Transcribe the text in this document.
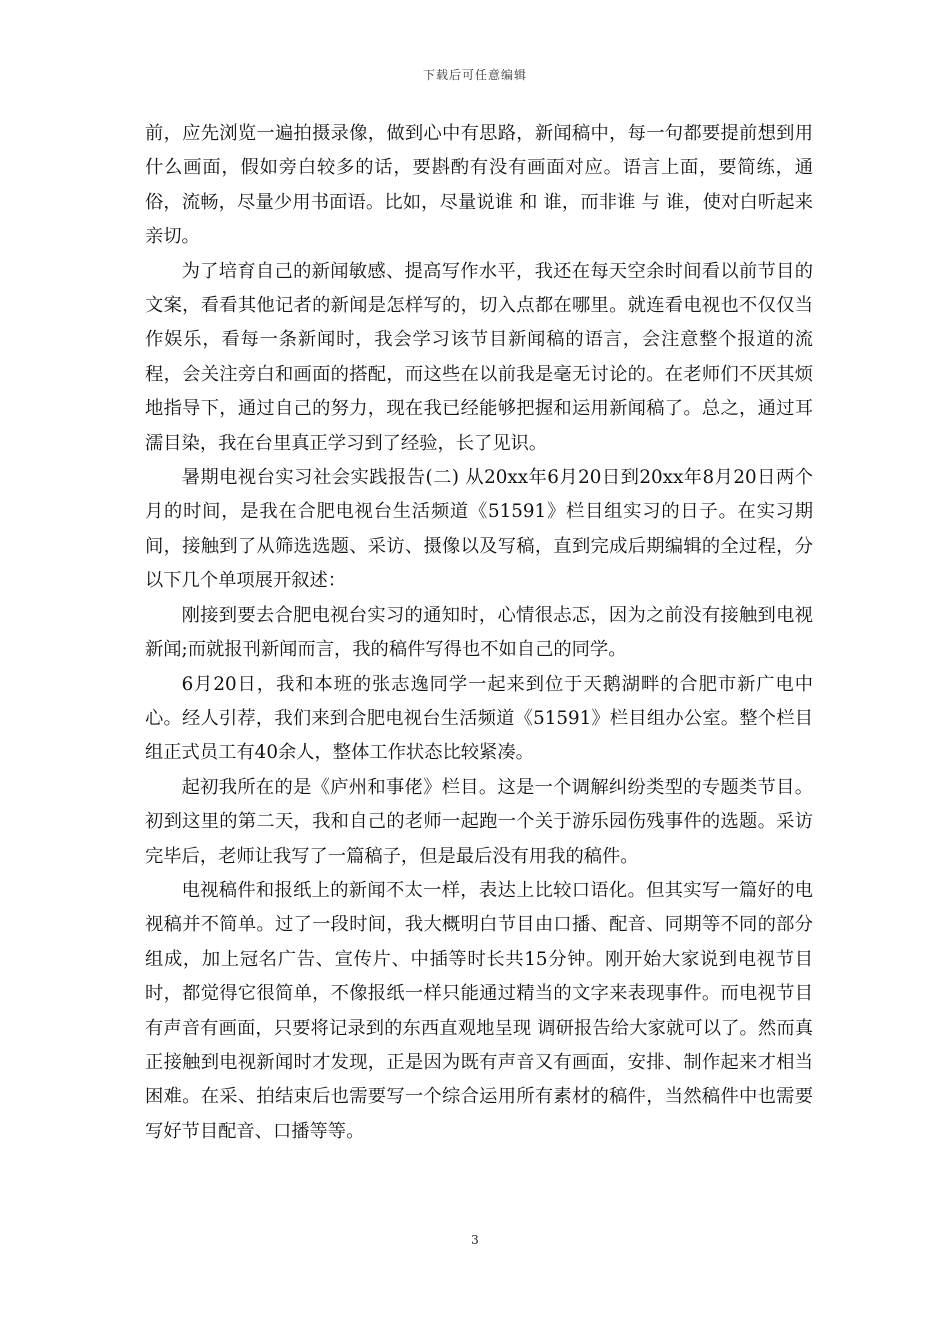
下载后可任意编辑

前，应先浏览一遍拍摄录像，做到心中有思路，新闻稿中，每一句都要提前想到用什么画面，假如旁白较多的话，要斟酌有没有画面对应。语言上面，要简练，通俗，流畅，尽量少用书面语。比如，尽量说谁 和 谁，而非谁 与 谁，使对白听起来亲切。

为了培育自己的新闻敏感、提高写作水平，我还在每天空余时间看以前节目的文案，看看其他记者的新闻是怎样写的，切入点都在哪里。就连看电视也不仅仅当作娱乐，看每一条新闻时，我会学习该节目新闻稿的语言，会注意整个报道的流程，会关注旁白和画面的搭配，而这些在以前我是毫无讨论的。在老师们不厌其烦地指导下，通过自己的努力，现在我已经能够把握和运用新闻稿了。总之，通过耳濡目染，我在台里真正学习到了经验，长了见识。

暑期电视台实习社会实践报告(二) 从20xx年6月20日到20xx年8月20日两个月的时间，是我在合肥电视台生活频道《51591》栏目组实习的日子。在实习期间，接触到了从筛选选题、采访、摄像以及写稿，直到完成后期编辑的全过程，分以下几个单项展开叙述：

刚接到要去合肥电视台实习的通知时，心情很忐忑，因为之前没有接触到电视新闻;而就报刊新闻而言，我的稿件写得也不如自己的同学。

6月20日，我和本班的张志逸同学一起来到位于天鹅湖畔的合肥市新广电中心。经人引荐，我们来到合肥电视台生活频道《51591》栏目组办公室。整个栏目组正式员工有40余人，整体工作状态比较紧凑。

起初我所在的是《庐州和事佬》栏目。这是一个调解纠纷类型的专题类节目。初到这里的第二天，我和自己的老师一起跑一个关于游乐园伤残事件的选题。采访完毕后，老师让我写了一篇稿子，但是最后没有用我的稿件。

电视稿件和报纸上的新闻不太一样，表达上比较口语化。但其实写一篇好的电视稿并不简单。过了一段时间，我大概明白节目由口播、配音、同期等不同的部分组成，加上冠名广告、宣传片、中插等时长共15分钟。刚开始大家说到电视节目时，都觉得它很简单，不像报纸一样只能通过精当的文字来表现事件。而电视节目有声音有画面，只要将记录到的东西直观地呈现 调研报告给大家就可以了。然而真正接触到电视新闻时才发现，正是因为既有声音又有画面，安排、制作起来才相当困难。在采、拍结束后也需要写一个综合运用所有素材的稿件，当然稿件中也需要写好节目配音、口播等等。

3
